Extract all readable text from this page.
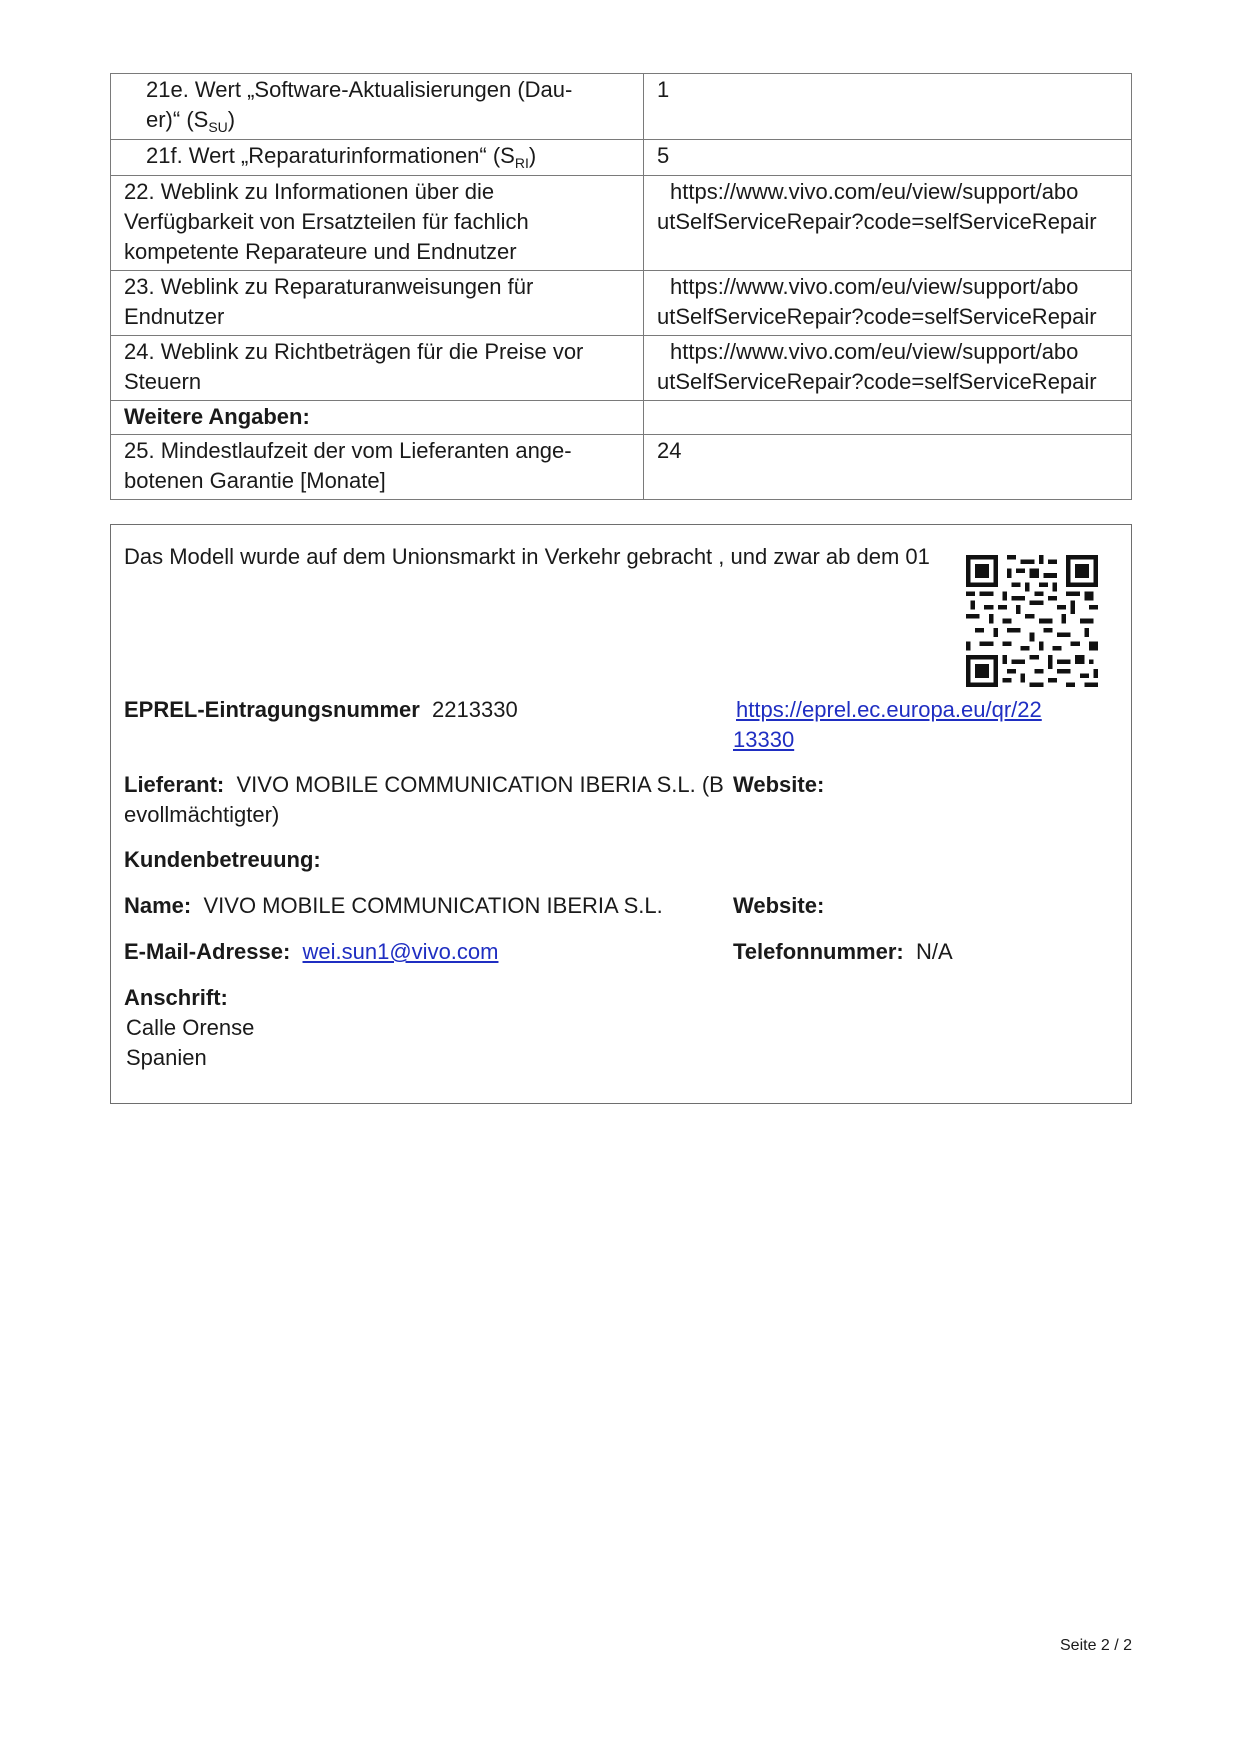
21e. Wert „Software-Aktualisierungen (Dau-
er)“ $(S_{SU})$	1
21f. Wert „Reparaturinformationen“ $(S_{RI})$	5
22. Weblink zu Informationen über die
Verfügbarkeit von Ersatzteilen für fachlich
kompetente Reparateure und Endnutzer	https://www.vivo.com/eu/view/support/abo
utSelfServiceRepair?code=selfServiceRepair

23. Weblink zu Reparaturanweisungen für
Endnutzer	https://www.vivo.com/eu/view/support/abo
utSelfServiceRepair?code=selfServiceRepair

24. Weblink zu Richtbeträgen für die Preise vor
Steuern	https://www.vivo.com/eu/view/support/abo
utSelfServiceRepair?code=selfServiceRepair

Weitere Angaben:	
25. Mindestlaufzeit der vom Lieferanten ange-
botenen Garantie [Monate]	24
Das Modell wurde auf dem Unionsmarkt in Verkehr gebracht , und zwar ab dem 01
EPREL-Eintragungsnummer 2213330	https://eprel.ec.europa.eu/qr/22
13330
Lieferant: VIVO MOBILE COMMUNICATION IBERIA S.L. (B
evollmächtigter)
Website:
Kundenbetreuung:
Name: VIVO MOBILE COMMUNICATION IBERIA S.L.	Website:
E-Mail-Adresse: wei.sun1@vivo.com	Telefonnummer: N/A
Anschrift:
Calle Orense
Spanien
Seite 2 / 2
